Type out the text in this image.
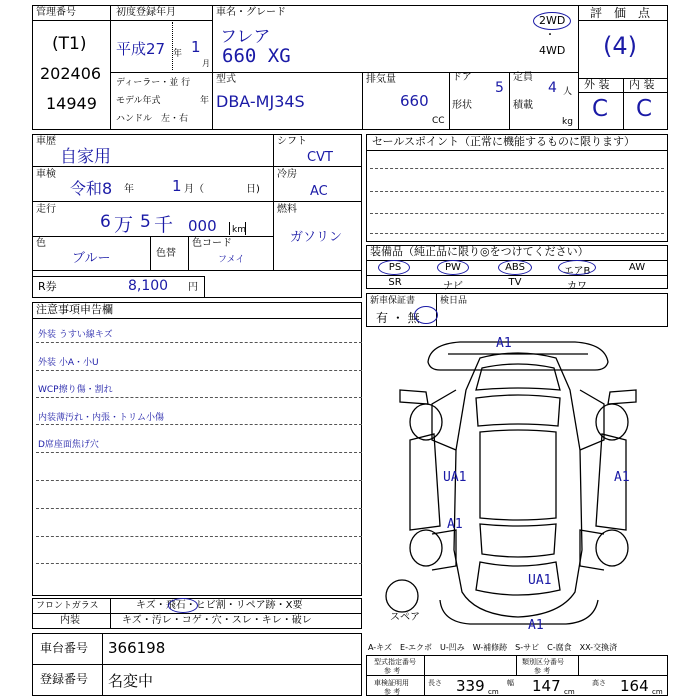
管理番号
(T1)
202406
14949
初度登録年月
平成27 年 1
月
車名・グレード
フレア
660 XG
2WD
・
4WD
評　価　点
(4)
外 装 内 装
C C
ディーラー・並 行
モデル年式	年
ハンドル　左・右
型式
DBA-MJ34S
排気量
660
CC
ドア
5
形状
定員
4 人
積載
kg
車歴
自家用
シフト
CVT
車検
令和8 年	1 月（	日)
冷房
AC
走行
6 万 5 千 000 km
燃料
ガソリン
色
ブルー	色替
色コード
フメイ
R券	8,100 円
セールスポイント（正常に機能するものに限ります）
装備品（純正品に限り◎をつけてください）
PS	PW	ABS	エアB	AW
SR	ナビ	TV	カワ
新車保証書
有 ・ 無
検日品
注意事項申告欄
外装 うすい線キズ
外装 小A・小U
WCP擦り傷・割れ
内装薄汚れ・内張・トリム小傷
D席座面焦げ穴
A1
UA1	A1
A1
UA1
A1
スペア
フロントガラス	キズ・飛石・ヒビ割・リペア跡・X要
内装	キズ・汚レ・コゲ・穴・スレ・キレ・破レ
車台番号 366198
登録番号 名変中
A-キズ　E-エクボ　U-凹み　W-補修跡　S-サビ　C-腐食　XX-交換済
型式指定番号
参 考
類別区分番号
参 考
車検証明用
参 考
長さ 339 cm
幅 147 cm
高さ 164 cm
